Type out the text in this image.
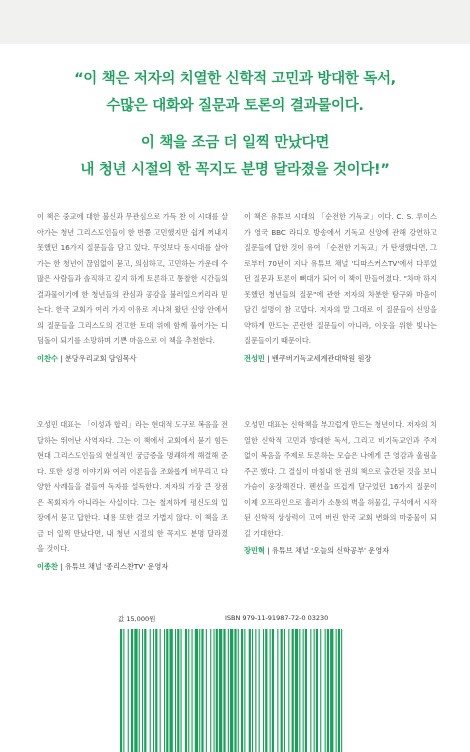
“이 책은 저자의 치열한 신학적 고민과 방대한 독서,
수많은 대화와 질문과 토론의 결과물이다.
이 책을 조금 더 일찍 만났다면
내 청년 시절의 한 꼭지도 분명 달라졌을 것이다!”

이 책은 중교에 대한 불신과 무관심으로 가득 찬 이 시대를 살아가는 청년 그리스도인들이 한 번쯤 고민했지만 쉽게 꺼내지 못했던 16가지 질문들을 담고 있다. 무엇보다 동시대를 살아가는 한 청년이 끊임없이 묻고, 의심하고, 고민하는 가운데 수많은 사람들과 솔직하고 깊지 하게 토론하고 통찰한 시간들의 결과물이기에 한 청년들의 관심과 공감을 불러일으키리라 믿는다. 한국 교회가 여러 가지 이유로 지나쳐 왔던 신앙 안에서의 질문들을 그리스도의 견고한 토대 위에 함께 풀어가는 디딤돌이 되기를 소망하며 기쁜 마음으로 이 책을 추천한다.

이찬수 | 분당우리교회 담임목사

이 책은 유튜브 시대의 「순전한 기독교」이다. C. S. 루이스가 영국 BBC 라디오 방송에서 기독교 신앙에 관해 강연하고 질문들에 답한 것이 유여 「순전한 기독교」가 탄생했다면, 그로부터 70년이 지나 유튜브 채널 '디따스커스TV'에서 다루었던 질문과 토론이 뼈대가 되어 이 책이 만들어졌다. "차마 하지 못했던 청년들의 질문"에 관한 저자의 차분한 탐구와 마음이 담긴 설명이 참 고맙다. 저자의 말 그대로 이 질문들이 신앙을 약하게 만드는 곤란한 질문들이 아니라, 이웃을 위한 빛나는 질문들이기 때문이다.

전성민 | 밴쿠버기독교세계관대학원 원장

오성민 대표는 「이성과 합리」라는 현대적 도구로 복음을 전달하는 뛰어난 사역자다. 그는 이 책에서 교회에서 묻기 힘든 현대 그리스도인들의 현실적인 궁금증을 명쾌하게 해결해 준다. 또한 성경 이야기와 여러 이론들을 조화롭게 버무리고 다양한 사례들을 곁들여 독자를 설득한다. 저자의 가장 큰 장점은 목회자가 아니라는 사실이다. 그는 철저하게 평신도의 입장에서 묻고 답한다. 내용 또한 결코 가볍지 않다. 이 책을 조금 더 일찍 만났다면, 내 청년 시절의 한 꼭지도 분명 달라졌을 것이다.

이종찬 | 유튜브 채널 '종리스찬TV' 운영자

오성민 대표는 신학책을 부끄럽게 만드는 청년이다. 저자의 치열한 신학적 고민과 방대한 독서, 그리고 비기독교인과 주저 없이 복음을 주제로 토론하는 모습은 나에게 큰 영감과 울림을 주곤 했다. 그 결실이 마침내 한 권의 책으로 출간된 것을 보니 가슴이 웅장해진다. 펜션을 뜨겁게 달구었던 16가지 질문이 이제 오프라인으로 흘러가 소통의 벽을 허물길, 구석에서 시작된 신학적 상상력이 고여 버린 한국 교회 변화의 마중물이 되길 기대한다.

장민혁 | 유튜브 채널 '오늘의 신학공부' 운영자
값 15,000원	ISBN 979-11-91987-72-0 03230
